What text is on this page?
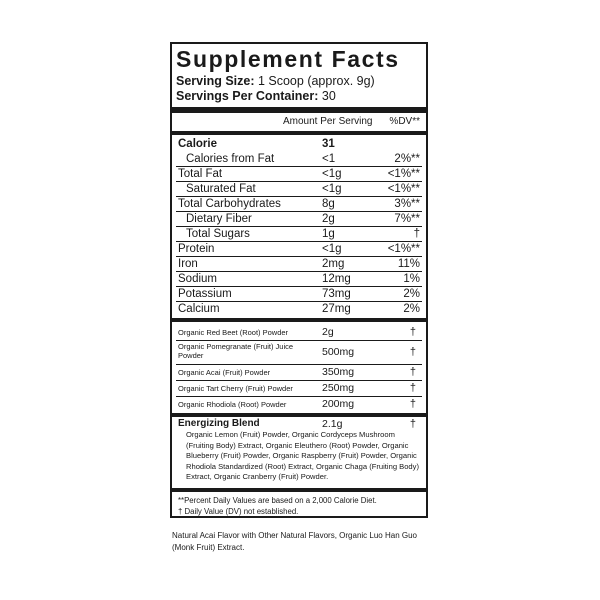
Supplement Facts
Serving Size: 1 Scoop (approx. 9g)
Servings Per Container: 30
Amount Per Serving %DV**
Calorie	31
Calories from Fat	<1	2%**
Total Fat	<1g	<1%**
Saturated Fat	<1g	<1%**
Total Carbohydrates	8g	3%**
Dietary Fiber	2g	7%**
Total Sugars	1g	†
Protein	<1g	<1%**
Iron	2mg	11%
Sodium	12mg	1%
Potassium	73mg	2%
Calcium	27mg	2%
Organic Red Beet (Root) Powder	2g	†
Organic Pomegranate (Fruit) Juice Powder	500mg	†
Organic Acai (Fruit) Powder	350mg	†
Organic Tart Cherry (Fruit) Powder	250mg	†
Organic Rhodiola (Root) Powder	200mg	†
Energizing Blend	2.1g	†
Organic Lemon (Fruit) Powder, Organic Cordyceps Mushroom (Fruiting Body) Extract, Organic Eleuthero (Root) Powder, Organic Blueberry (Fruit) Powder, Organic Raspberry (Fruit) Powder, Organic Rhodiola Standardized (Root) Extract, Organic Chaga (Fruiting Body) Extract, Organic Cranberry (Fruit) Powder.
**Percent Daily Values are based on a 2,000 Calorie Diet.
† Daily Value (DV) not established.
Natural Acai Flavor with Other Natural Flavors, Organic Luo Han Guo (Monk Fruit) Extract.
